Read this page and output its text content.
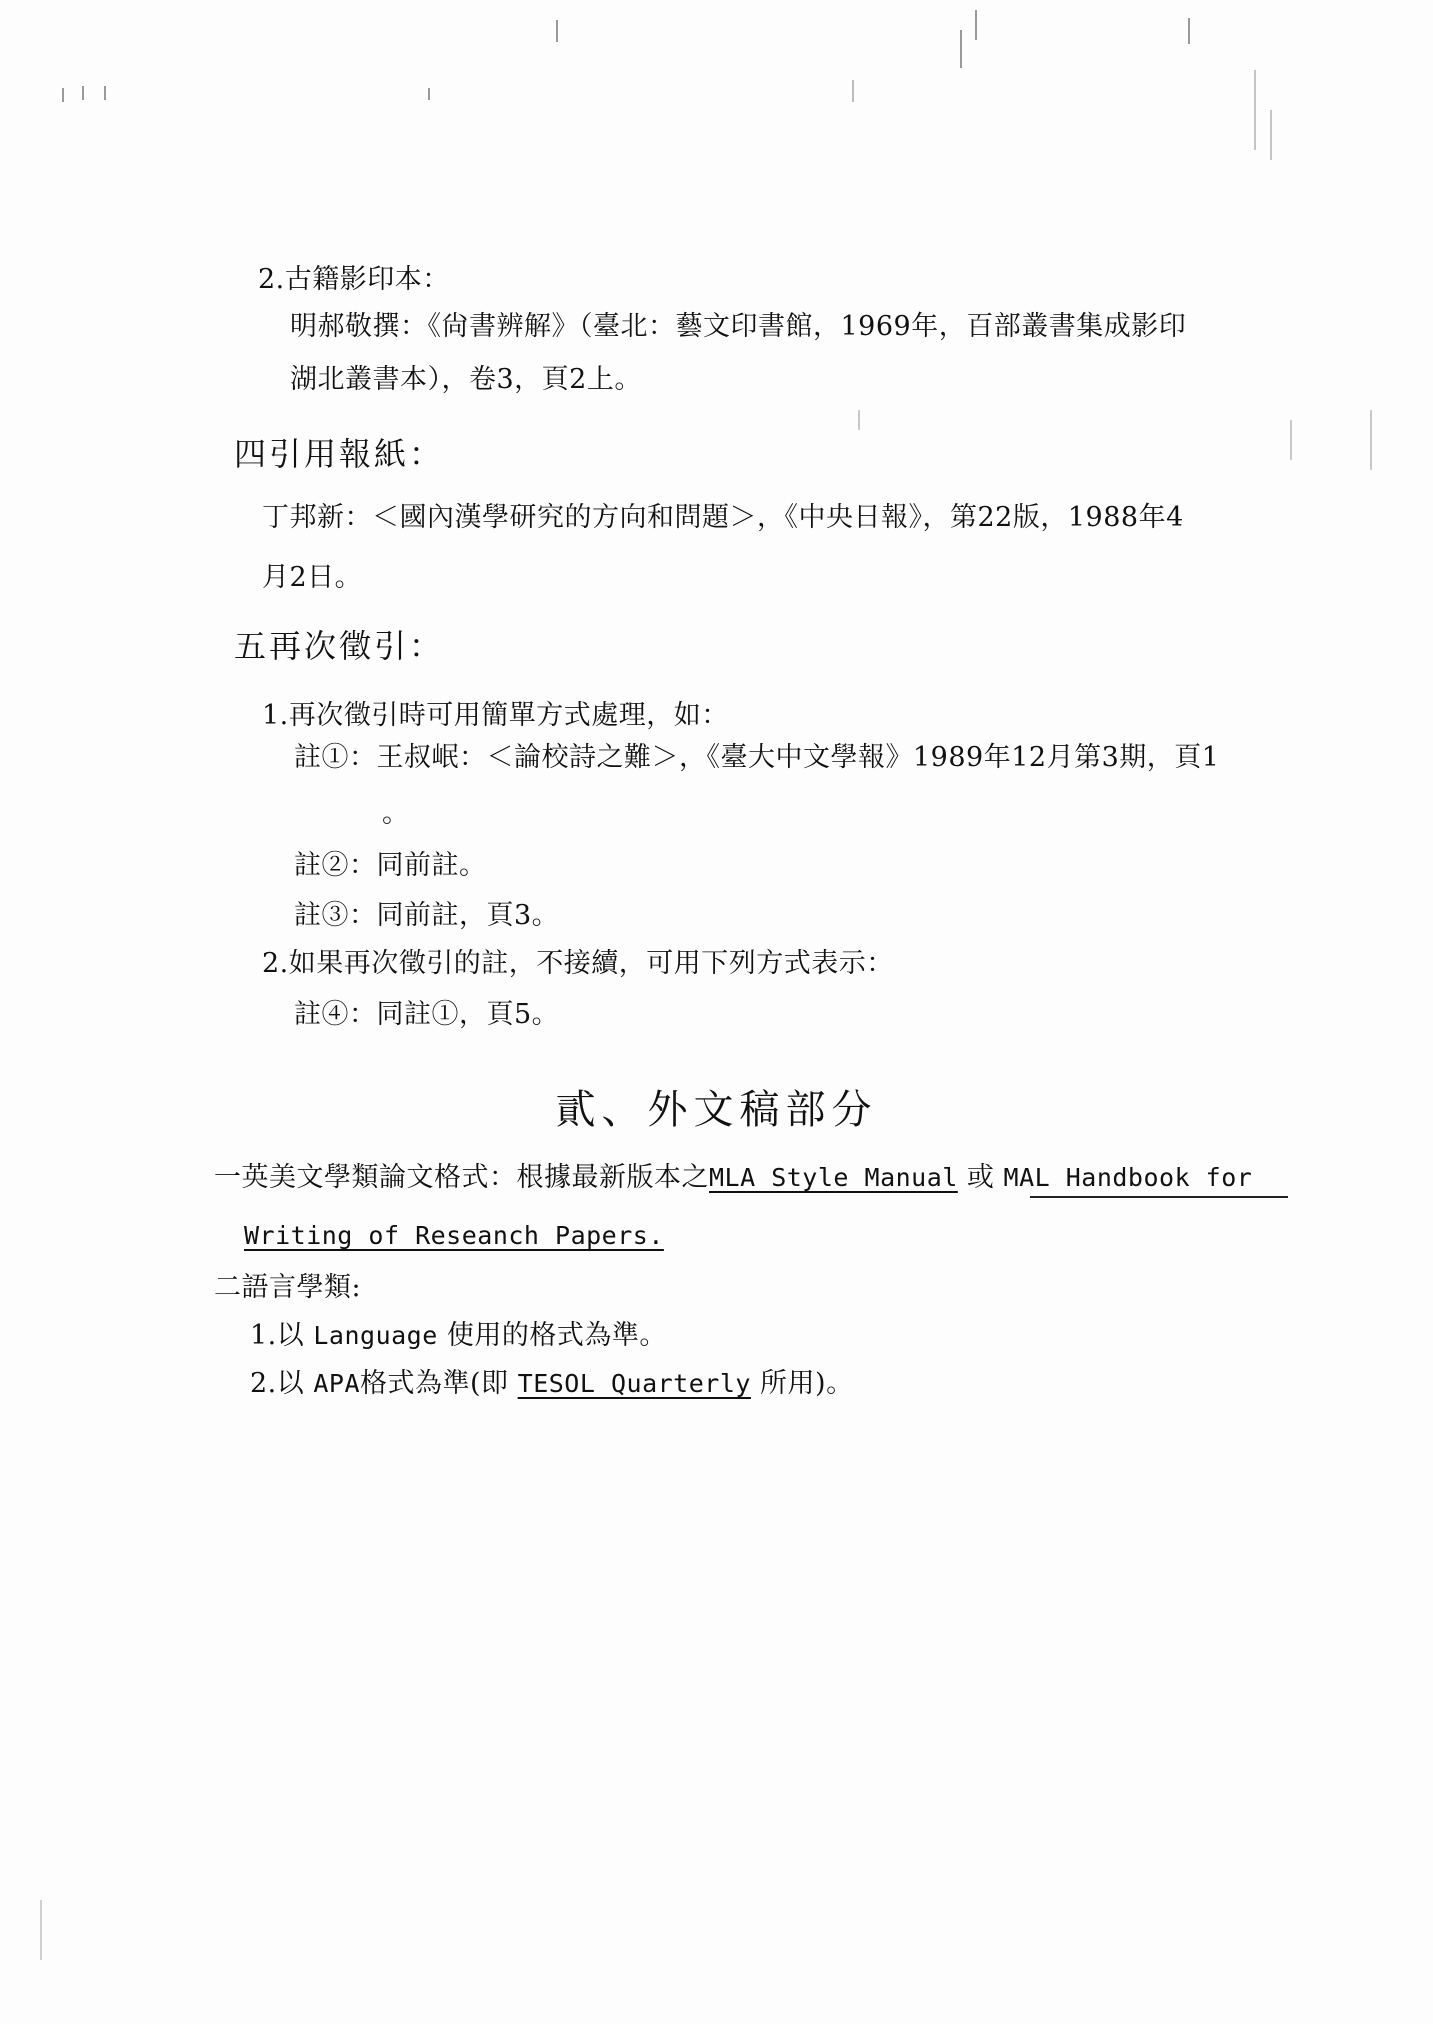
2.古籍影印本：
明郝敬撰：《尙書辨解》（臺北：藝文印書館，1969年，百部叢書集成影印
湖北叢書本），卷3，頁2上。
四引用報紙：
丁邦新：＜國內漢學研究的方向和問題＞，《中央日報》，第22版，1988年4
月2日。
五再次徵引：
1.再次徵引時可用簡單方式處理，如：
註①：王叔岷：＜論校詩之難＞，《臺大中文學報》1989年12月第3期，頁1
。
註②：同前註。
註③：同前註，頁3。
2.如果再次徵引的註，不接續，可用下列方式表示：
註④：同註①，頁5。
貳、外文稿部分
一英美文學類論文格式：根據最新版本之MLA Style Manual 或 MAL Handbook for
Writing of Reseanch Papers.
二語言學類:
1.以 Language 使用的格式為準。
2.以 APA格式為準(即 TESOL Quarterly 所用)。
